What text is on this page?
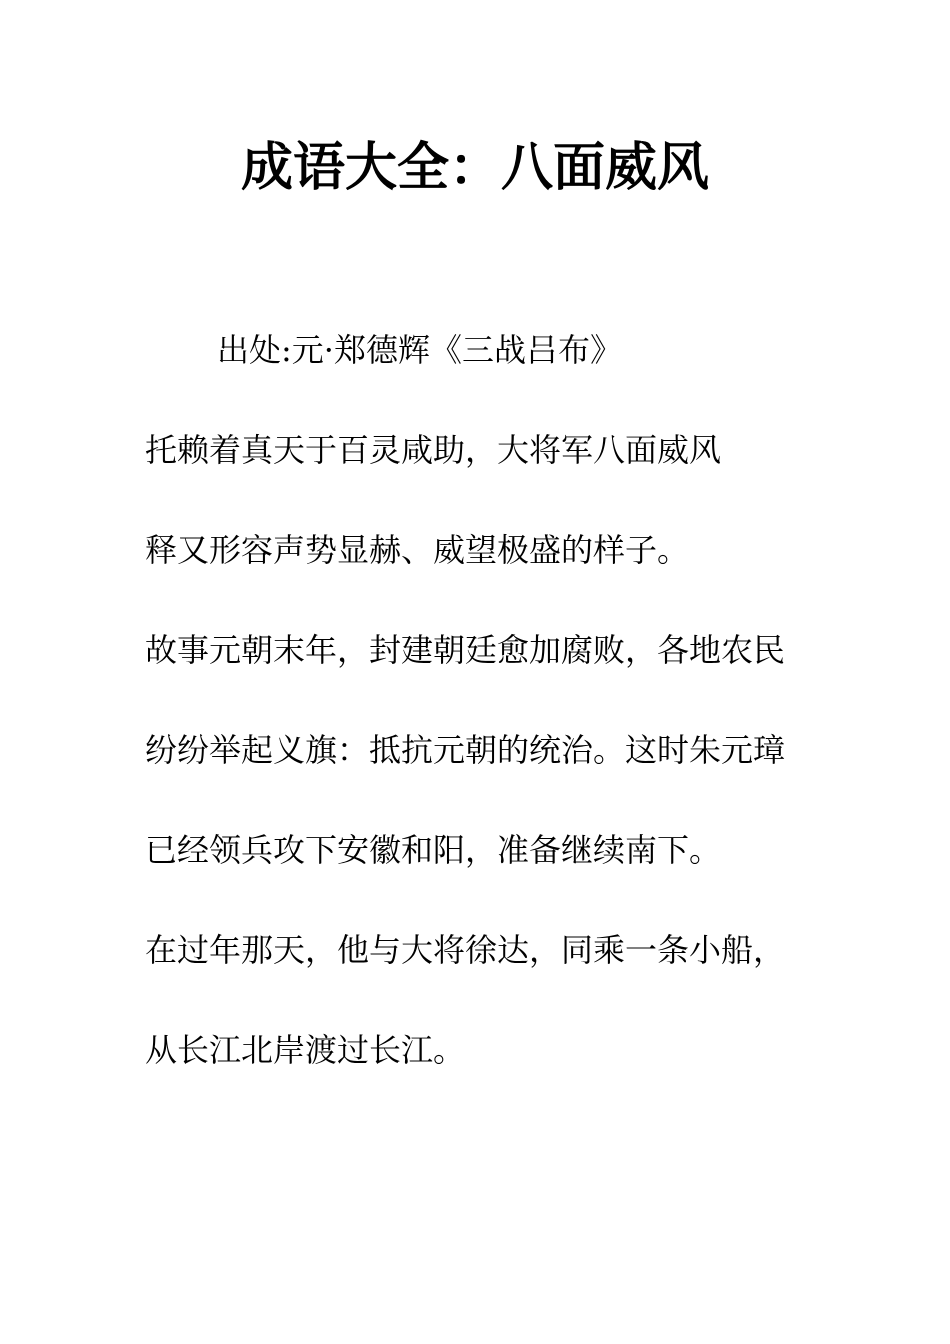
成语大全：八面威风

出处:元·郑德辉《三战吕布》

托赖着真天于百灵咸助，大将军八面威风

释又形容声势显赫、威望极盛的样子。

故事元朝末年，封建朝廷愈加腐败，各地农民纷纷举起义旗：抵抗元朝的统治。这时朱元璋已经领兵攻下安徽和阳，准备继续南下。

在过年那天，他与大将徐达，同乘一条小船，从长江北岸渡过长江。
